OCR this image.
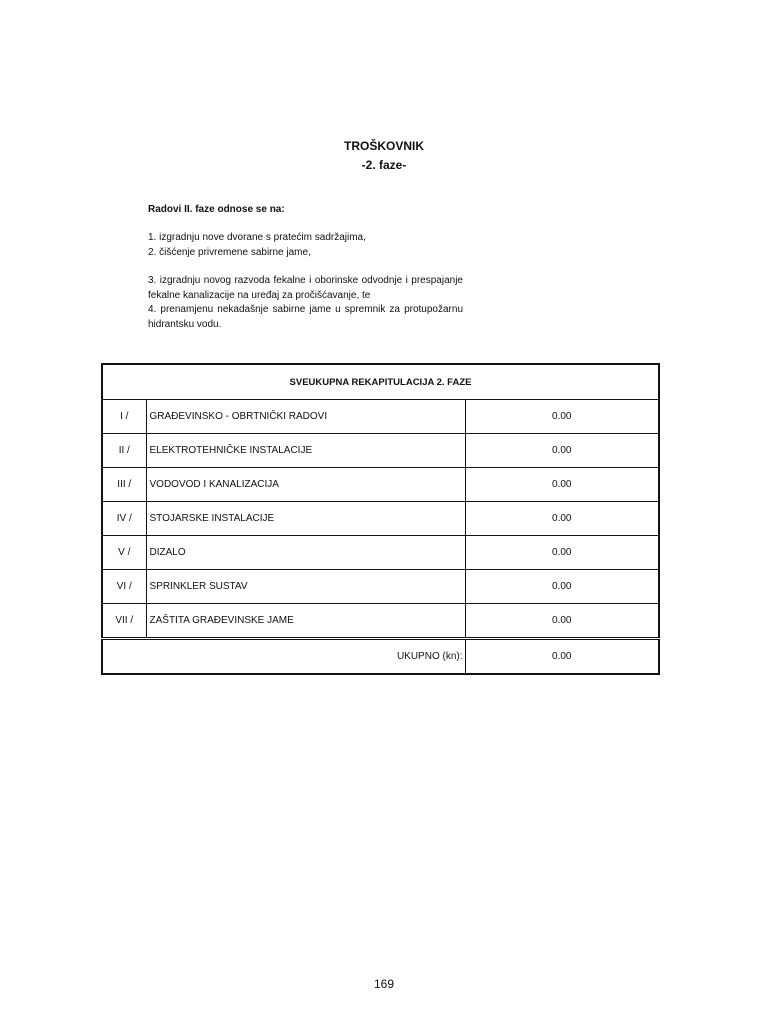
TROŠKOVNIK
-2. faze-
Radovi II. faze odnose se na:

1. izgradnju nove dvorane s pratećim sadržajima,

2. čišćenje privremene sabirne jame,

3. izgradnju novog razvoda fekalne i oborinske odvodnje i prespajanje fekalne kanalizacije na uređaj za pročišćavanje, te

4. prenamjenu nekadašnje sabirne jame u spremnik za protupožarnu hidrantsku vodu.

SVEUKUPNA REKAPITULACIJA 2. FAZE		
I /	GRAĐEVINSKO - OBRTNIČKI RADOVI	0.00
II /	ELEKTROTEHNIČKE INSTALACIJE	0.00
III /	VODOVOD I KANALIZACIJA	0.00
IV /	STOJARSKE INSTALACIJE	0.00
V /	DIZALO	0.00
VI /	SPRINKLER SUSTAV	0.00
VII /	ZAŠTITA GRAĐEVINSKE JAME	0.00
UKUPNO (kn):		0.00
169
